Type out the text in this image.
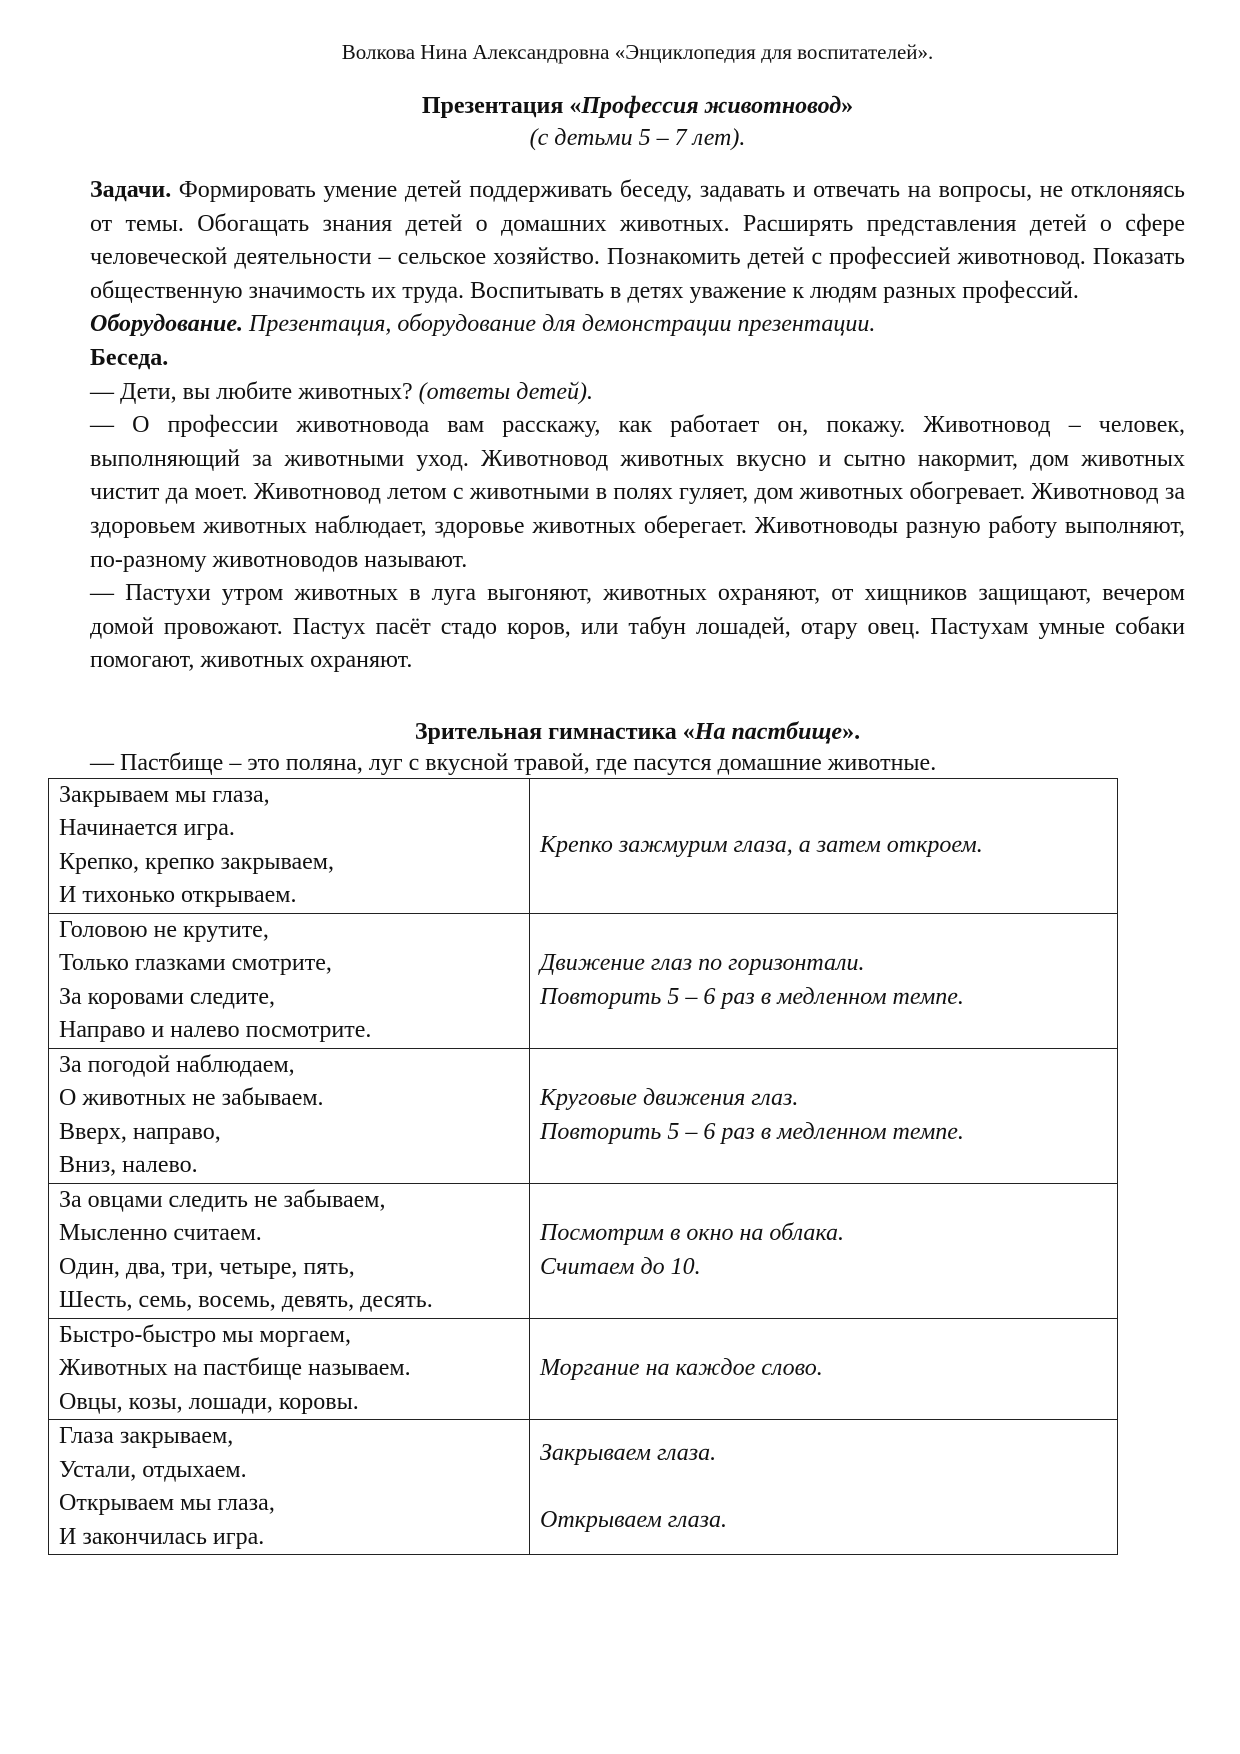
Волкова Нина Александровна «Энциклопедия для воспитателей».
Презентация «Профессия животновод»
(с детьми 5 – 7 лет).

Задачи. Формировать умение детей поддерживать беседу, задавать и отвечать на вопросы, не отклоняясь от темы. Обогащать знания детей о домашних животных. Расширять представления детей о сфере человеческой деятельности – сельское хозяйство. Познакомить детей с профессией животновод. Показать общественную значимость их труда. Воспитывать в детях уважение к людям разных профессий.

Оборудование. Презентация, оборудование для демонстрации презентации.

Беседа.

— Дети, вы любите животных? (ответы детей).

— О профессии животновода вам расскажу, как работает он, покажу. Животновод – человек, выполняющий за животными уход. Животновод животных вкусно и сытно накормит, дом животных чистит да моет. Животновод летом с животными в полях гуляет, дом животных обогревает. Животновод за здоровьем животных наблюдает, здоровье животных оберегает. Животноводы разную работу выполняют, по-разному животноводов называют.

— Пастухи утром животных в луга выгоняют, животных охраняют, от хищников защищают, вечером домой провожают. Пастух пасёт стадо коров, или табун лошадей, отару овец. Пастухам умные собаки помогают, животных охраняют.

Зрительная гимнастика «На пастбище».

— Пастбище – это поляна, луг с вкусной травой, где пасутся домашние животные.

Закрываем мы глаза,
Начинается игра.
Крепко, крепко закрываем,
И тихонько открываем.	Крепко зажмурим глаза, а затем откроем.

Головою не крутите,
Только глазками смотрите,
За коровами следите,
Направо и налево посмотрите.	Движение глаз по горизонтали.
Повторить 5 – 6 раз в медленном темпе.

За погодой наблюдаем,
О животных не забываем.
Вверх, направо,
Вниз, налево.	Круговые движения глаз.
Повторить 5 – 6 раз в медленном темпе.

За овцами следить не забываем,
Мысленно считаем.
Один, два, три, четыре, пять,
Шесть, семь, восемь, девять, десять.	Посмотрим в окно на облака.
Считаем до 10.

Быстро-быстро мы моргаем,
Животных на пастбище называем.
Овцы, козы, лошади, коровы.	Моргание на каждое слово.

Глаза закрываем,
Устали, отдыхаем.
Открываем мы глаза,
И закончилась игра.	Закрываем глаза.
Открываем глаза.
